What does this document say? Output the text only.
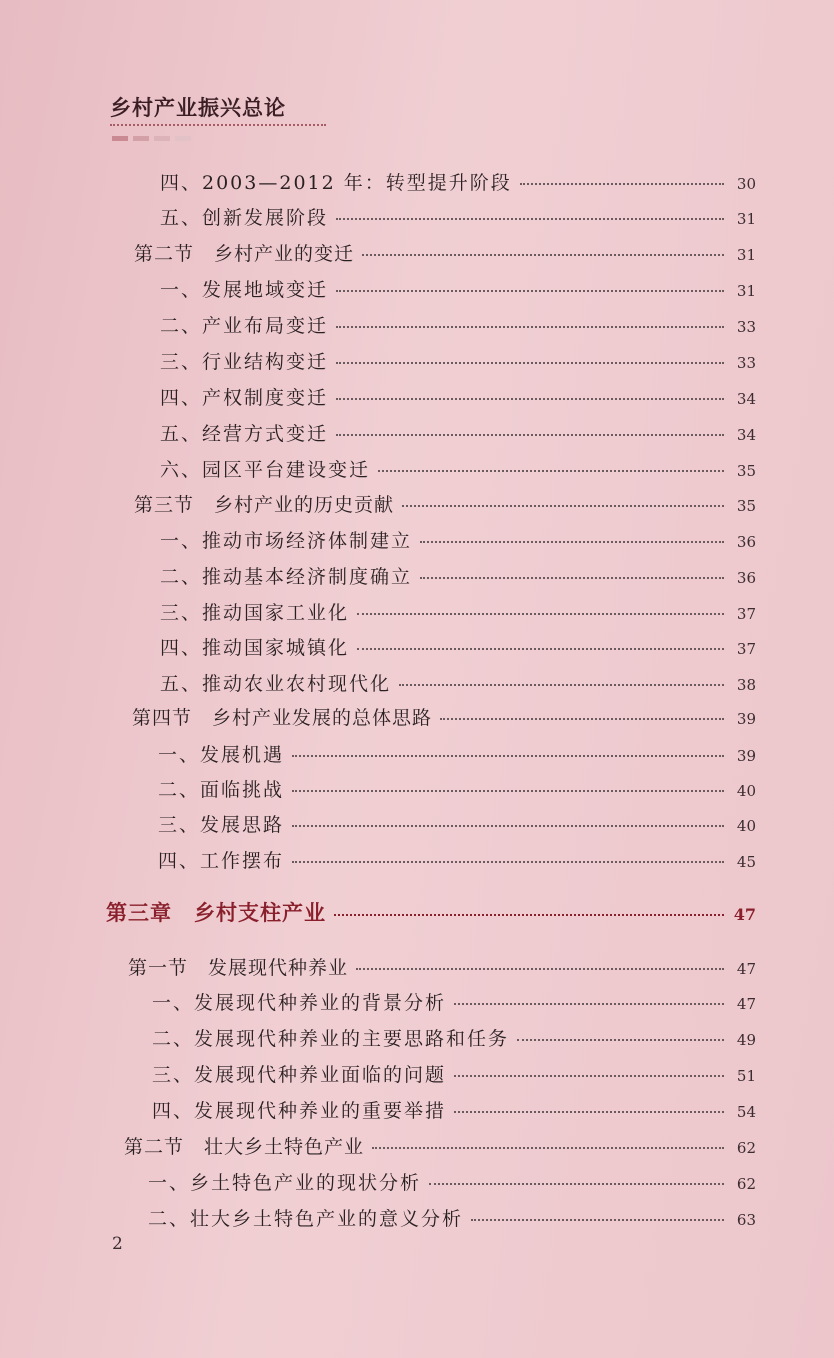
乡村产业振兴总论
四、2003—2012 年：转型提升阶段	30
五、创新发展阶段	31
第二节　乡村产业的变迁	31
一、发展地域变迁	31
二、产业布局变迁	33
三、行业结构变迁	33
四、产权制度变迁	34
五、经营方式变迁	34
六、园区平台建设变迁	35
第三节　乡村产业的历史贡献	35
一、推动市场经济体制建立	36
二、推动基本经济制度确立	36
三、推动国家工业化	37
四、推动国家城镇化	37
五、推动农业农村现代化	38
第四节　乡村产业发展的总体思路	39
一、发展机遇	39
二、面临挑战	40
三、发展思路	40
四、工作摆布	45
第三章　乡村支柱产业	47
第一节　发展现代种养业	47
一、发展现代种养业的背景分析	47
二、发展现代种养业的主要思路和任务	49
三、发展现代种养业面临的问题	51
四、发展现代种养业的重要举措	54
第二节　壮大乡土特色产业	62
一、乡土特色产业的现状分析	62
二、壮大乡土特色产业的意义分析	63
2
